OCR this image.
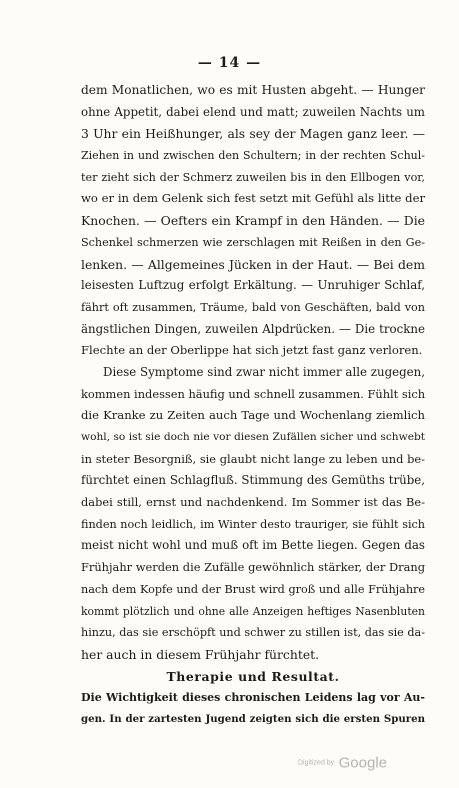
— 14 —
dem Monatlichen, wo es mit Husten abgeht. — Hunger
ohne Appetit, dabei elend und matt; zuweilen Nachts um
3 Uhr ein Heißhunger, als sey der Magen ganz leer. —
Ziehen in und zwischen den Schultern; in der rechten Schul-
ter zieht sich der Schmerz zuweilen bis in den Ellbogen vor,
wo er in dem Gelenk sich fest setzt mit Gefühl als litte der
Knochen. — Oefters ein Krampf in den Händen. — Die
Schenkel schmerzen wie zerschlagen mit Reißen in den Ge-
lenken. — Allgemeines Jücken in der Haut. — Bei dem
leisesten Luftzug erfolgt Erkältung. — Unruhiger Schlaf,
fährt oft zusammen, Träume, bald von Geschäften, bald von
ängstlichen Dingen, zuweilen Alpdrücken. — Die trockne
Flechte an der Oberlippe hat sich jetzt fast ganz verloren.
Diese Symptome sind zwar nicht immer alle zugegen,
kommen indessen häufig und schnell zusammen. Fühlt sich
die Kranke zu Zeiten auch Tage und Wochenlang ziemlich
wohl, so ist sie doch nie vor diesen Zufällen sicher und schwebt
in steter Besorgniß, sie glaubt nicht lange zu leben und be-
fürchtet einen Schlagfluß. Stimmung des Gemüths trübe,
dabei still, ernst und nachdenkend. Im Sommer ist das Be-
finden noch leidlich, im Winter desto trauriger, sie fühlt sich
meist nicht wohl und muß oft im Bette liegen. Gegen das
Frühjahr werden die Zufälle gewöhnlich stärker, der Drang
nach dem Kopfe und der Brust wird groß und alle Frühjahre
kommt plötzlich und ohne alle Anzeigen heftiges Nasenbluten
hinzu, das sie erschöpft und schwer zu stillen ist, das sie da-
her auch in diesem Frühjahr fürchtet.
Therapie und Resultat.
Die Wichtigkeit dieses chronischen Leidens lag vor Au-
gen. In der zartesten Jugend zeigten sich die ersten Spuren
Digitized by Google
